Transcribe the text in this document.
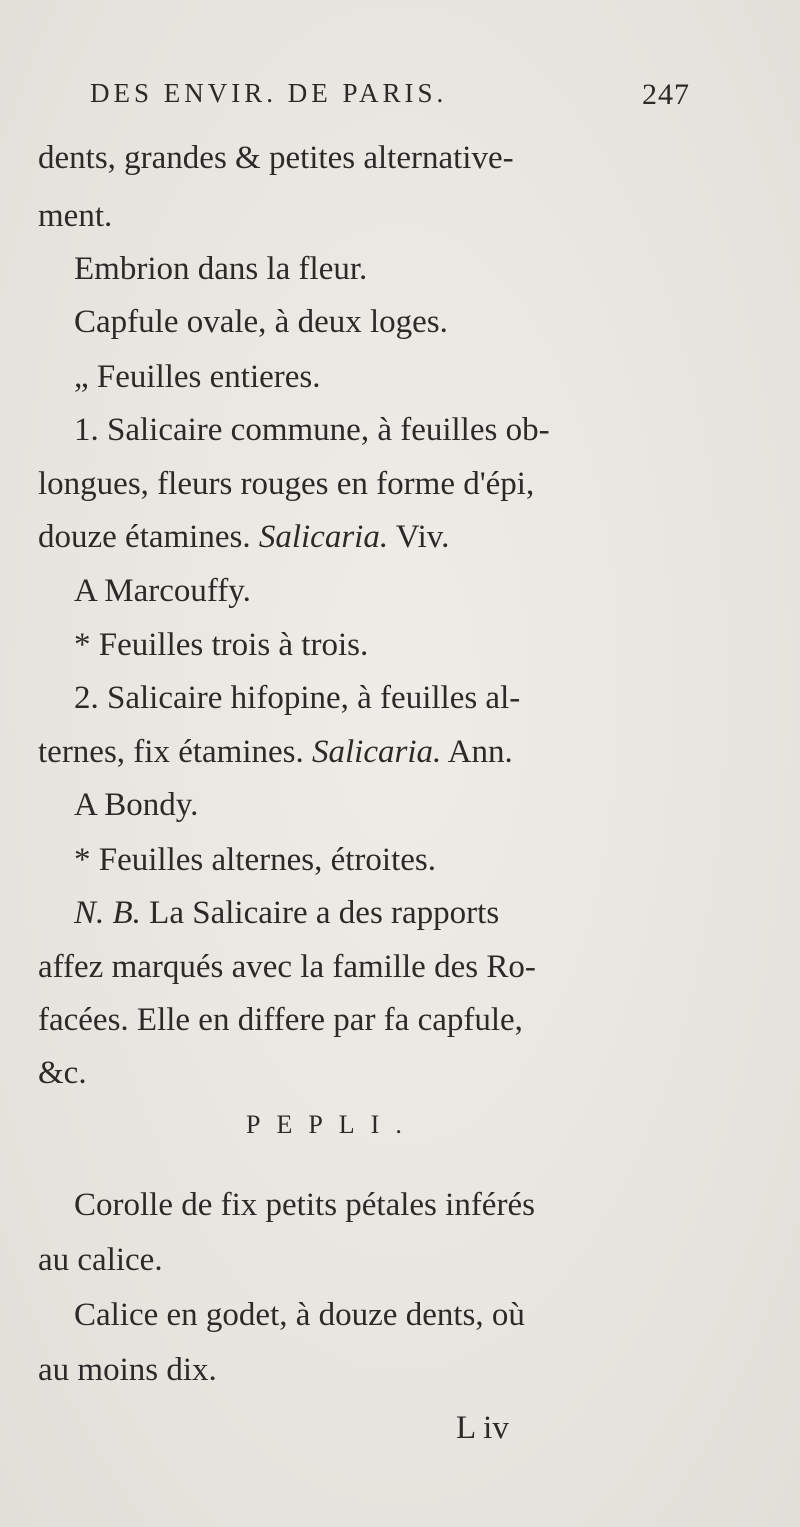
DES ENVIR. DE PARIS.	247
dents, grandes & petites alternative-
ment.
Embrion dans la fleur.
Capfule ovale, à deux loges.
„ Feuilles entieres.
1. Salicaire commune, à feuilles ob-
longues, fleurs rouges en forme d'épi,
douze étamines. Salicaria. Viv.
A Marcouffy.
* Feuilles trois à trois.
2. Salicaire hifopine, à feuilles al-
ternes, fix étamines. Salicaria. Ann.
A Bondy.
* Feuilles alternes, étroites.
N. B. La Salicaire a des rapports
affez marqués avec la famille des Ro-
facées. Elle en differe par fa capfule,
&c.
PEPLI.
Corolle de fix petits pétales inférés
au calice.
Calice en godet, à douze dents, où
au moins dix.
L iv
